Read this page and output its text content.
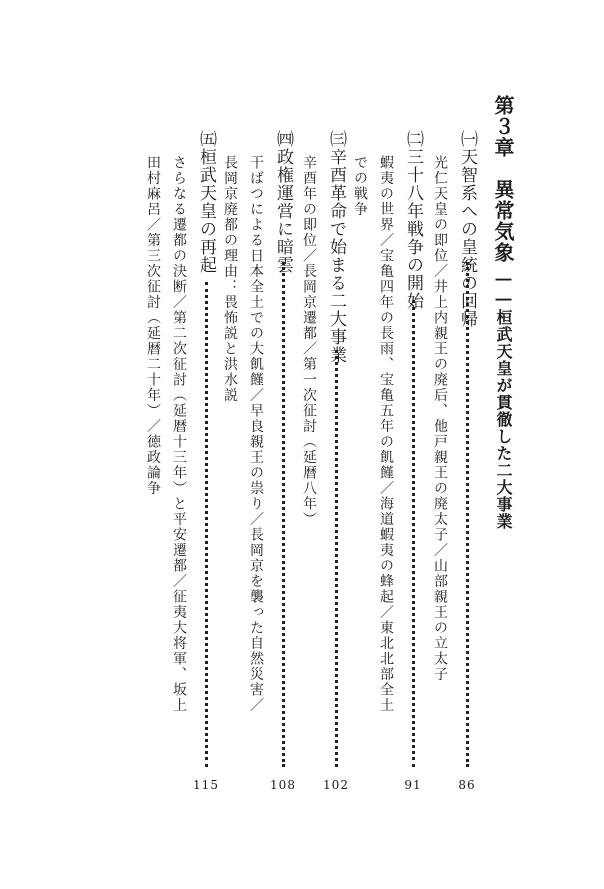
第３章　異常気象――桓武天皇が貫徹した二大事業
㈠天智系への皇統の回帰
86
光仁天皇の即位／井上内親王の廃后、他戸親王の廃太子／山部親王の立太子
㈡三十八年戦争の開始
91
蝦夷の世界／宝亀四年の長雨、宝亀五年の飢饉／海道蝦夷の蜂起／東北北部全土
での戦争
㈢辛酉革命で始まる二大事業
102
辛酉年の即位／長岡京遷都／第一次征討（延暦八年）
㈣政権運営に暗雲
108
干ばつによる日本全土での大飢饉／早良親王の祟り／長岡京を襲った自然災害／
長岡京廃都の理由：畏怖説と洪水説
㈤桓武天皇の再起
115
さらなる遷都の決断／第二次征討（延暦十三年）と平安遷都／征夷大将軍、坂上
田村麻呂／第三次征討（延暦二十年）／徳政論争
